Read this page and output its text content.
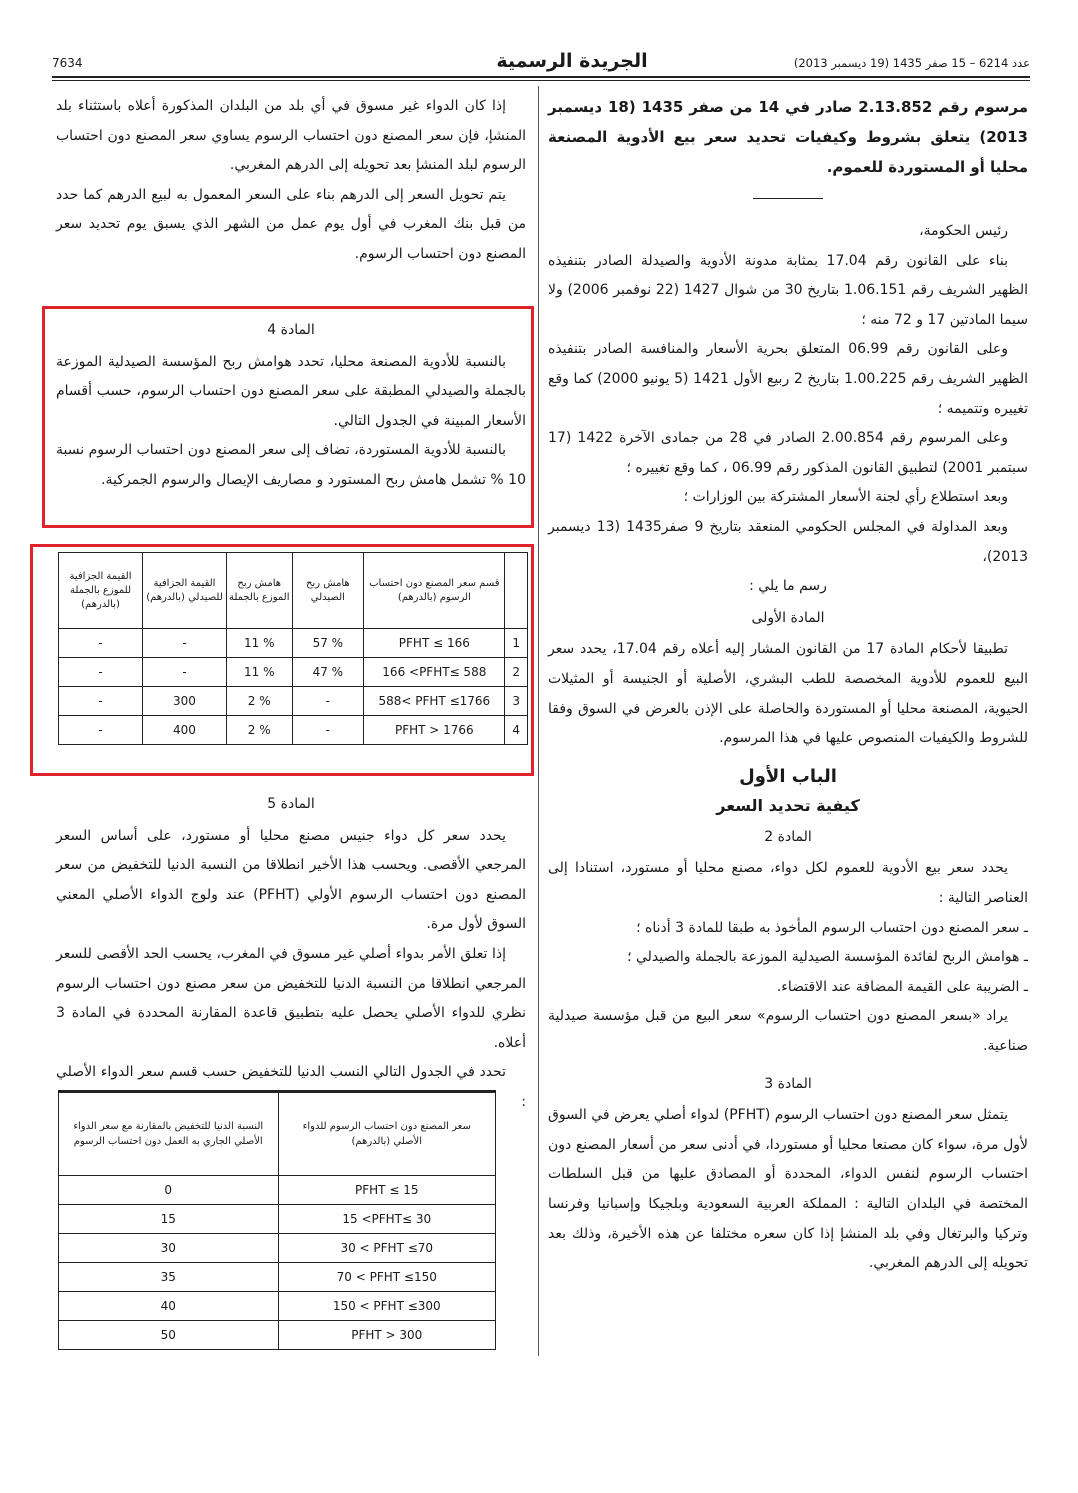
7634	الجريدة الرسمية	عدد 6214 – 15 صفر 1435 (19 ديسمبر 2013)

مرسوم رقم 2.13.852 صادر في 14 من صفر 1435 (18 ديسمبر 2013) يتعلق بشروط وكيفيات تحديد سعر بيع الأدوية المصنعة محليا أو المستوردة للعموم.

رئيس الحكومة،

بناء على القانون رقم 17.04 بمثابة مدونة الأدوية والصيدلة الصادر بتنفيذه الظهير الشريف رقم 1.06.151 بتاريخ 30 من شوال 1427 (22 نوفمبر 2006) ولا سيما المادتين 17 و 72 منه ؛

وعلى القانون رقم 06.99 المتعلق بحرية الأسعار والمنافسة الصادر بتنفيذه الظهير الشريف رقم 1.00.225 بتاريخ 2 ربيع الأول 1421 (5 يونيو 2000) كما وقع تغييره وتتميمه ؛

وعلى المرسوم رقم 2.00.854 الصادر في 28 من جمادى الآخرة 1422 (17 سبتمبر 2001) لتطبيق القانون المذكور رقم 06.99 ، كما وقع تغييره ؛

وبعد استطلاع رأي لجنة الأسعار المشتركة بين الوزارات ؛

وبعد المداولة في المجلس الحكومي المنعقد بتاريخ 9 صفر1435 (13 ديسمبر 2013)،

رسم ما يلي :

المادة الأولى

تطبيقا لأحكام المادة 17 من القانون المشار إليه أعلاه رقم 17.04، يحدد سعر البيع للعموم للأدوية المخصصة للطب البشري، الأصلية أو الجنيسة أو المثيلات الحيوية، المصنعة محليا أو المستوردة والحاصلة على الإذن بالعرض في السوق وفقا للشروط والكيفيات المنصوص عليها في هذا المرسوم.

الباب الأول

كيفية تحديد السعر

المادة 2

يحدد سعر بيع الأدوية للعموم لكل دواء، مصنع محليا أو مستورد، استنادا إلى العناصر التالية :

ـ سعر المصنع دون احتساب الرسوم المأخوذ به طبقا للمادة 3 أدناه ؛

ـ هوامش الربح لفائدة المؤسسة الصيدلية الموزعة بالجملة والصيدلي ؛

ـ الضريبة على القيمة المضافة عند الاقتضاء.

يراد «بسعر المصنع دون احتساب الرسوم» سعر البيع من قبل مؤسسة صيدلية صناعية.

المادة 3

يتمثل سعر المصنع دون احتساب الرسوم (PFHT) لدواء أصلي يعرض في السوق لأول مرة، سواء كان مصنعا محليا أو مستوردا، في أدنى سعر من أسعار المصنع دون احتساب الرسوم لنفس الدواء، المحددة أو المصادق عليها من قبل السلطات المختصة في البلدان التالية : المملكة العربية السعودية وبلجيكا وإسبانيا وفرنسا وتركيا والبرتغال وفي بلد المنشإ إذا كان سعره مختلفا عن هذه الأخيرة، وذلك بعد تحويله إلى الدرهم المغربي.

إذا كان الدواء غير مسوق في أي بلد من البلدان المذكورة أعلاه باستثناء بلد المنشإ، فإن سعر المصنع دون احتساب الرسوم يساوي سعر المصنع دون احتساب الرسوم لبلد المنشإ بعد تحويله إلى الدرهم المغربي.

يتم تحويل السعر إلى الدرهم بناء على السعر المعمول به لبيع الدرهم كما حدد من قبل بنك المغرب في أول يوم عمل من الشهر الذي يسبق يوم تحديد سعر المصنع دون احتساب الرسوم.

المادة 4

بالنسبة للأدوية المصنعة محليا، تحدد هوامش ربح المؤسسة الصيدلية الموزعة بالجملة والصيدلي المطبقة على سعر المصنع دون احتساب الرسوم، حسب أقسام الأسعار المبينة في الجدول التالي.

بالنسبة للأدوية المستوردة، تضاف إلى سعر المصنع دون احتساب الرسوم نسبة 10 % تشمل هامش ربح المستورد و مصاريف الإيصال والرسوم الجمركية.

	قسم سعر المصنع دون احتساب الرسوم (بالدرهم)	هامش ربح الصيدلي	هامش ربح الموزع بالجملة	القيمة الجزافية للصيدلي (بالدرهم)	القيمة الجزافية للموزع بالجملة (بالدرهم)
1	PFHT ≤ 166	57 %	11 %	-	-
2	166 <PFHT≤ 588	47 %	11 %	-	-
3	588< PFHT ≤1766	-	2 %	300	-
4	PFHT > 1766	-	2 %	400	-

المادة 5

يحدد سعر كل دواء جنيس مصنع محليا أو مستورد، على أساس السعر المرجعي الأقصى. ويحسب هذا الأخير انطلاقا من النسبة الدنيا للتخفيض من سعر المصنع دون احتساب الرسوم الأولي (PFHT) عند ولوج الدواء الأصلي المعني السوق لأول مرة.

إذا تعلق الأمر بدواء أصلي غير مسوق في المغرب، يحسب الحد الأقصى للسعر المرجعي انطلاقا من النسبة الدنيا للتخفيض من سعر مصنع دون احتساب الرسوم نظري للدواء الأصلي يحصل عليه بتطبيق قاعدة المقارنة المحددة في المادة 3 أعلاه.

تحدد في الجدول التالي النسب الدنيا للتخفيض حسب قسم سعر الدواء الأصلي :

سعر المصنع دون احتساب الرسوم للدواء الأصلي (بالدرهم)	النسبة الدنيا للتخفيض بالمقارنة مع سعر الدواء الأصلي الجاري به العمل دون احتساب الرسوم
PFHT ≤ 15	0
15 <PFHT≤ 30	15
30 < PFHT ≤70	30
70 < PFHT ≤150	35
150 < PFHT ≤300	40
PFHT > 300	50
